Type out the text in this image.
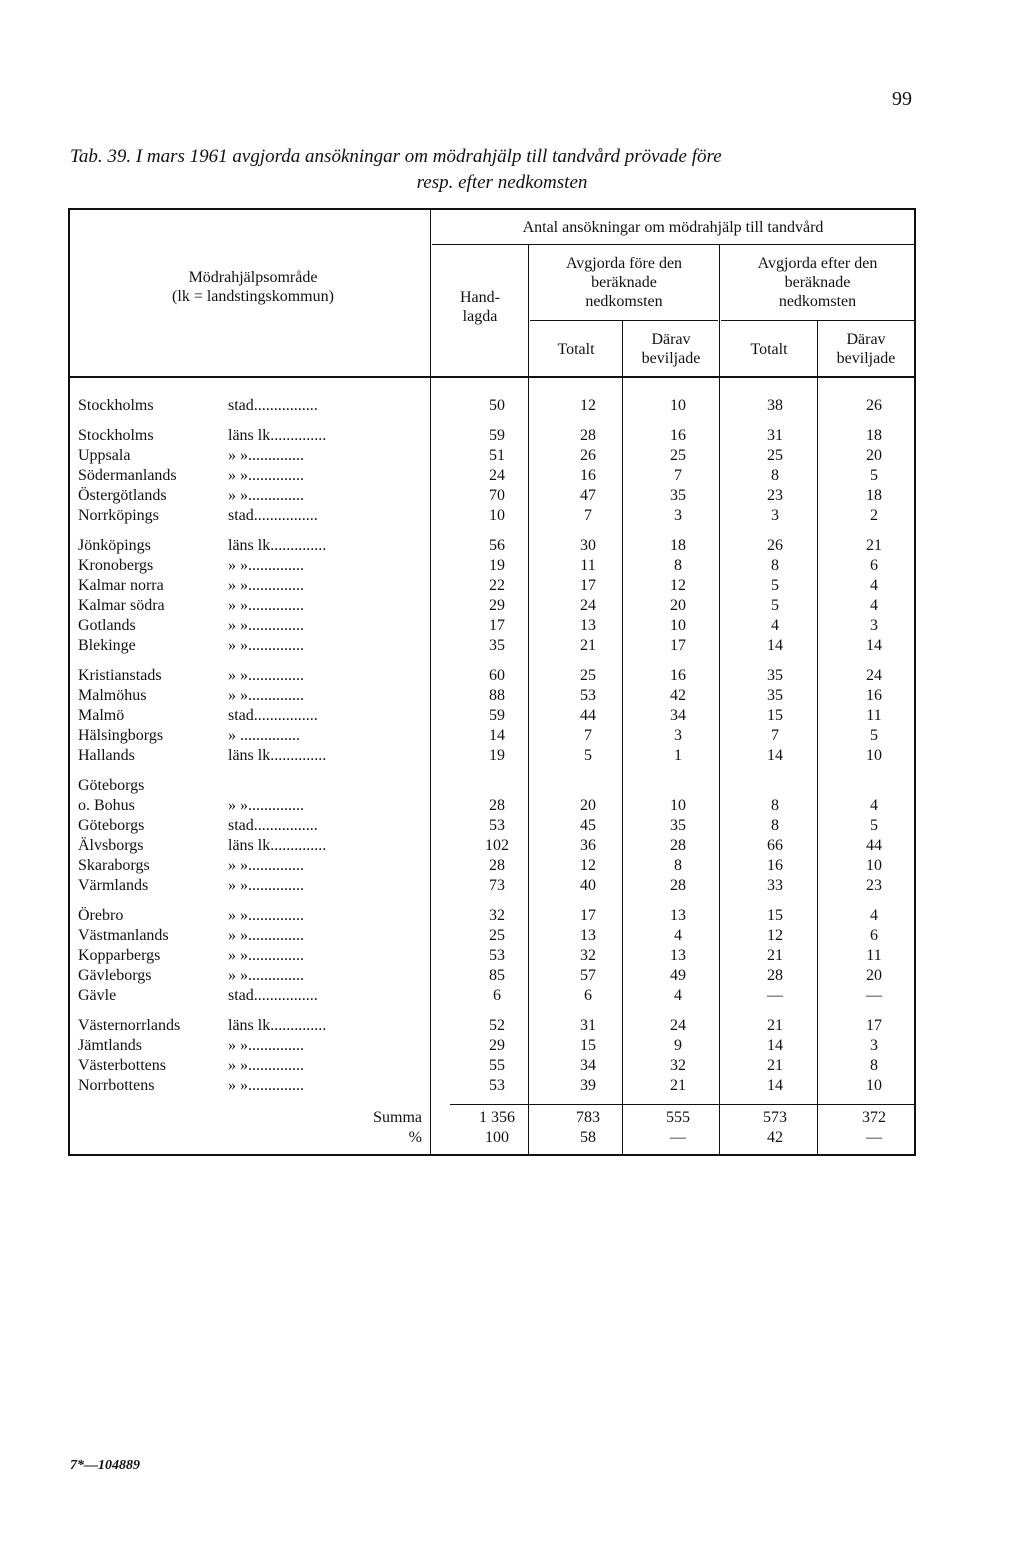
99
Tab. 39. I mars 1961 avgjorda ansökningar om mödrahjälp till tandvård prövade före
resp. efter nedkomsten
Mödrahjälpsområde
(lk = landstingskommun)
Antal ansökningar om mödrahjälp till tandvård
Hand-
lagda
Avgjorda före den
beräknade
nedkomsten
Avgjorda efter den
beräknade
nedkomsten
Totalt
Därav
beviljade
Totalt
Därav
beviljade
Stockholms	stad................	50	12	10	38	26
Stockholms	läns lk..............	59	28	16	31	18
Uppsala	» »..............	51	26	25	25	20
Södermanlands	» »..............	24	16	7	8	5
Östergötlands	» »..............	70	47	35	23	18
Norrköpings	stad................	10	7	3	3	2
Jönköpings	läns lk..............	56	30	18	26	21
Kronobergs	» »..............	19	11	8	8	6
Kalmar norra	» »..............	22	17	12	5	4
Kalmar södra	» »..............	29	24	20	5	4
Gotlands	» »..............	17	13	10	4	3
Blekinge	» »..............	35	21	17	14	14
Kristianstads	» »..............	60	25	16	35	24
Malmöhus	» »..............	88	53	42	35	16
Malmö	stad................	59	44	34	15	11
Hälsingborgs	» ...............	14	7	3	7	5
Hallands	läns lk..............	19	5	1	14	10
Göteborgs
o. Bohus	» »..............	28	20	10	8	4
Göteborgs	stad................	53	45	35	8	5
Älvsborgs	läns lk..............	102	36	28	66	44
Skaraborgs	» »..............	28	12	8	16	10
Värmlands	» »..............	73	40	28	33	23
Örebro	» »..............	32	17	13	15	4
Västmanlands	» »..............	25	13	4	12	6
Kopparbergs	» »..............	53	32	13	21	11
Gävleborgs	» »..............	85	57	49	28	20
Gävle	stad................	6	6	4	—	—
Västernorrlands	läns lk..............	52	31	24	21	17
Jämtlands	» »..............	29	15	9	14	3
Västerbottens	» »..............	55	34	32	21	8
Norrbottens	» »..............	53	39	21	14	10
Summa	1 356	783	555	573	372
%	100	58	—	42	—
7*—104889
